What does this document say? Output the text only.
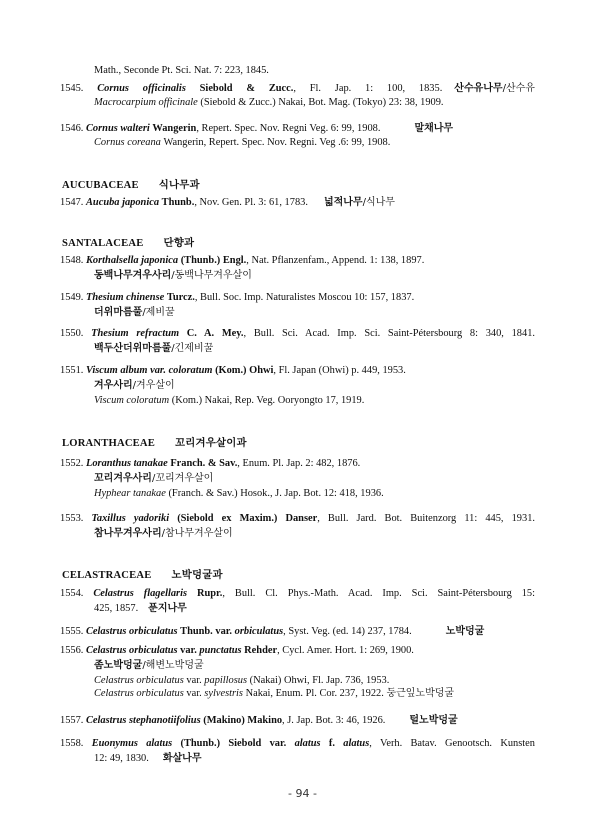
Math., Seconde Pt. Sci. Nat. 7: 223, 1845.
1545. Cornus officinalis Siebold & Zucc., Fl. Jap. 1: 100, 1835. 산수유나무/산수유
Macrocarpium officinale (Siebold & Zucc.) Nakai, Bot. Mag. (Tokyo) 23: 38, 1909.
1546. Cornus walteri Wangerin, Repert. Spec. Nov. Regni Veg. 6: 99, 1908.	말채나무
Cornus coreana Wangerin, Repert. Spec. Nov. Regni. Veg .6: 99, 1908.
AUCUBACEAE 식나무과
1547. Aucuba japonica Thunb., Nov. Gen. Pl. 3: 61, 1783. 넓적나무/식나무
SANTALACEAE 단향과
1548. Korthalsella japonica (Thunb.) Engl., Nat. Pflanzenfam., Append. 1: 138, 1897.
동백나무겨우사리/동백나무겨우살이
1549. Thesium chinense Turcz., Bull. Soc. Imp. Naturalistes Moscou 10: 157, 1837.
더위마름풀/제비꿀
1550. Thesium refractum C. A. Mey., Bull. Sci. Acad. Imp. Sci. Saint-Pétersbourg 8: 340, 1841.
백두산더위마름풀/긴제비꿀
1551. Viscum album var. coloratum (Kom.) Ohwi, Fl. Japan (Ohwi) p. 449, 1953.
겨우사리/겨우살이
Viscum coloratum (Kom.) Nakai, Rep. Veg. Ooryongto 17, 1919.
LORANTHACEAE 꼬리겨우살이과
1552. Loranthus tanakae Franch. & Sav., Enum. Pl. Jap. 2: 482, 1876.
꼬리겨우사리/꼬리겨우살이
Hyphear tanakae (Franch. & Sav.) Hosok., J. Jap. Bot. 12: 418, 1936.
1553. Taxillus yadoriki (Siebold ex Maxim.) Danser, Bull. Jard. Bot. Buitenzorg 11: 445, 1931.
참나무겨우사리/참나무겨우살이
CELASTRACEAE 노박덩굴과
1554. Celastrus flagellaris Rupr., Bull. Cl. Phys.-Math. Acad. Imp. Sci. Saint-Pétersbourg 15:
425, 1857. 푼지나무
1555. Celastrus orbiculatus Thunb. var. orbiculatus, Syst. Veg. (ed. 14) 237, 1784.	노박덩굴
1556. Celastrus orbiculatus var. punctatus Rehder, Cycl. Amer. Hort. 1: 269, 1900.
좀노박덩굴/해변노박덩굴
Celastrus orbiculatus var. papillosus (Nakai) Ohwi, Fl. Jap. 736, 1953.
Celastrus orbiculatus var. sylvestris Nakai, Enum. Pl. Cor. 237, 1922. 둥근잎노박덩굴
1557. Celastrus stephanotiifolius (Makino) Makino, J. Jap. Bot. 3: 46, 1926. 털노박덩굴
1558. Euonymus alatus (Thunb.) Siebold var. alatus f. alatus, Verh. Batav. Genootsch. Kunsten
12: 49, 1830. 화살나무
- 94 -
